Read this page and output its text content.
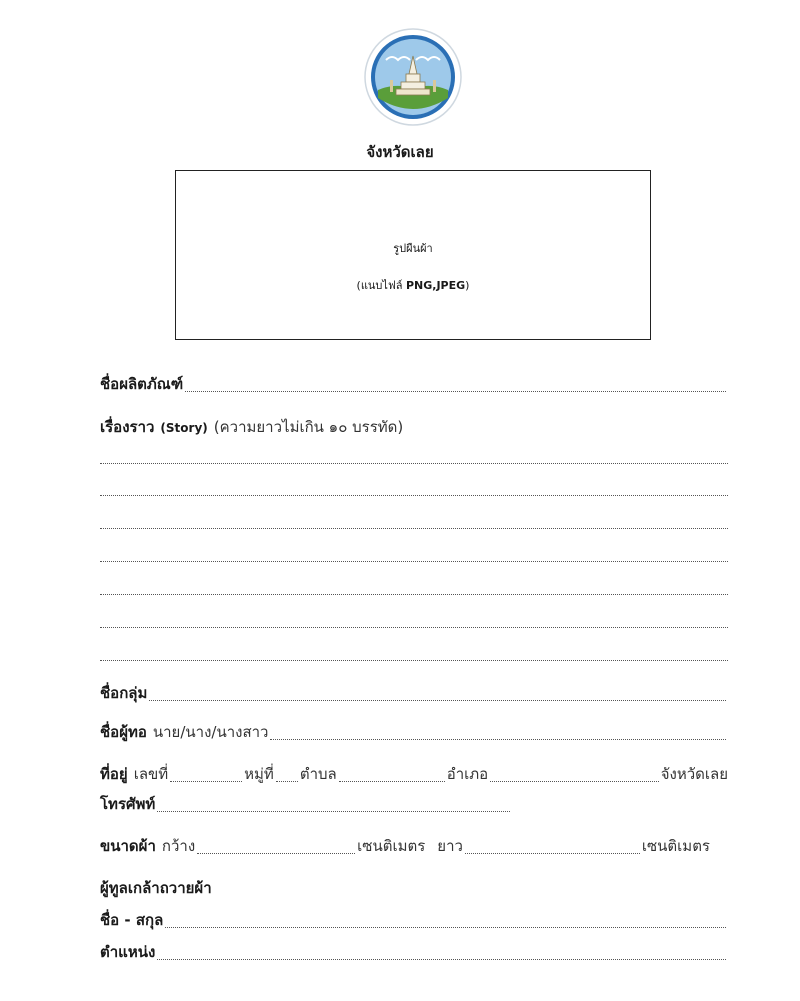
จังหวัดเลย
รูปผืนผ้า
(แนบไฟล์ PNG,JPEG)
ชื่อผลิตภัณฑ์
เรื่องราว (Story) (ความยาวไม่เกิน ๑๐ บรรทัด)
ชื่อกลุ่ม
ชื่อผู้ทอ นาย/นาง/นางสาว
ที่อยู่ เลขที่	หมู่ที่ ตำบล	อำเภอ	จังหวัดเลย
โทรศัพท์
ขนาดผ้า กว้าง	เซนติเมตร ยาว	เซนติเมตร
ผู้ทูลเกล้าถวายผ้า
ชื่อ - สกุล
ตำแหน่ง
